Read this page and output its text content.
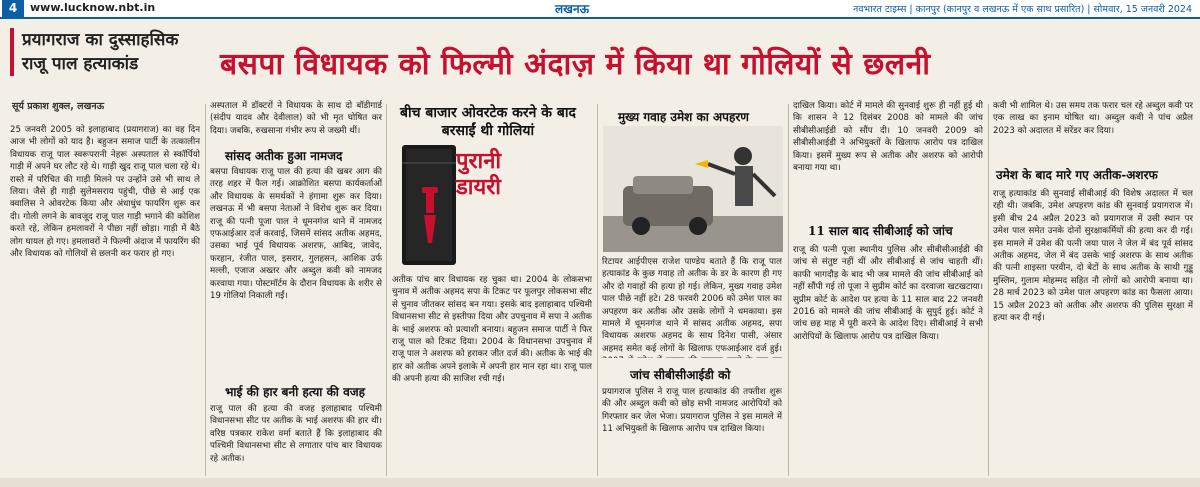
4	www.lucknow.nbt.in	लखनऊ	नवभारत टाइम्स | कानपुर (कानपुर व लखनऊ में एक साथ प्रसारित) | सोमवार, 15 जनवरी 2024
प्रयागराज का दुस्साहसिक
राजू पाल हत्याकांड	बसपा विधायक को फिल्मी अंदाज़ में किया था गोलियों से छलनी
सूर्य प्रकाश शुक्ल, लखनऊ

25 जनवरी 2005 को इलाहाबाद (प्रयागराज) का वह दिन आज भी लोगों को याद है। बहुजन समाज पार्टी के तत्कालीन विधायक राजू पाल स्वरूपरानी नेहरू अस्पताल से स्कॉर्पियो गाड़ी में अपने घर लौट रहे थे। गाड़ी खुद राजू पाल चला रहे थे। रास्ते में परिचित की गाड़ी मिलने पर उन्होंने उसे भी साथ ले लिया। जैसे ही गाड़ी सुलेमसराय पहुंची, पीछे से आई एक क्वालिस ने ओवरटेक किया और अंधाधुंध फायरिंग शुरू कर दी। गोली लगने के बावजूद राजू पाल गाड़ी भगाने की कोशिश करते रहे, लेकिन हमलावरों ने पीछा नहीं छोड़ा। गाड़ी में बैठे लोग घायल हो गए। हमलावरों ने फिल्मी अंदाज में फायरिंग की और विधायक को गोलियों से छलनी कर फरार हो गए।

अस्पताल में डॉक्टरों ने विधायक के साथ दो बॉडीगार्ड (संदीप यादव और देवीलाल) को भी मृत घोषित कर दिया। जबकि, रुखसाना गंभीर रूप से जख्मी थीं।

सांसद अतीक हुआ नामजद

बसपा विधायक राजू पाल की हत्या की खबर आग की तरह शहर में फैल गई। आक्रोशित बसपा कार्यकर्ताओं और विधायक के समर्थकों ने हंगामा शुरू कर दिया। लखनऊ में भी बसपा नेताओं ने विरोध शुरू कर दिया। राजू की पत्नी पूजा पाल ने धूमनगंज थाने में नामजद एफआईआर दर्ज करवाई, जिसमें सांसद अतीक अहमद, उसका भाई पूर्व विधायक अशरफ, आबिद, जावेद, फरहान, रंजीत पाल, इसरार, गुलहसन, आशिक उर्फ मल्ली, एजाज अख्तर और अब्दुल कवी को नामजद करवाया गया। पोस्टमॉर्टम के दौरान विधायक के शरीर से 19 गोलियां निकाली गईं।

भाई की हार बनी हत्या की वजह

राजू पाल की हत्या की वजह इलाहाबाद पश्चिमी विधानसभा सीट पर अतीक के भाई अशरफ की हार थी। वरिष्ठ पत्रकार राकेश वर्मा बताते हैं कि इलाहाबाद की पश्चिमी विधानसभा सीट से लगातार पांच बार विधायक रहे अतीक।

बीच बाजार ओवरटेक करने के बाद बरसाईं थी गोलियां
पुरानी
डायरी

अतीक पांच बार विधायक रह चुका था। 2004 के लोकसभा चुनाव में अतीक अहमद सपा के टिकट पर फूलपुर लोकसभा सीट से चुनाव जीतकर सांसद बन गया। इसके बाद इलाहाबाद पश्चिमी विधानसभा सीट से इस्तीफा दिया और उपचुनाव में सपा ने अतीक के भाई अशरफ को प्रत्याशी बनाया। बहुजन समाज पार्टी ने फिर राजू पाल को टिकट दिया। 2004 के विधानसभा उपचुनाव में राजू पाल ने अशरफ को हराकर जीत दर्ज की। अतीक के भाई की हार को अतीक अपने इलाके में अपनी हार मान रहा था। राजू पाल की अपनी हत्या की साजिश रची गई।

मुख्य गवाह उमेश का अपहरण

रिटायर आईपीएस राजेश पाण्डेय बताते हैं कि राजू पाल हत्याकांड के कुछ गवाह तो अतीक के डर के कारण ही गए और दो गवाहों की हत्या हो गई। लेकिन, मुख्य गवाह उमेश पाल पीछे नहीं हटे। 28 फरवरी 2006 को उमेश पाल का अपहरण कर अतीक और उसके लोगों ने धमकाया। इस मामले में धूमनगंज थाने में सांसद अतीक अहमद, सपा विधायक अशरफ अहमद के साथ दिनेश पासी, अंसार अहमद समेत कई लोगों के खिलाफ एफआईआर दर्ज हुई।

जांच सीबीसीआईडी को

प्रयागराज पुलिस ने राजू पाल हत्याकांड की तफ्तीश शुरू की और अब्दुल कवी को छोड़ सभी नामजद आरोपियों को गिरफ्तार कर जेल भेजा। प्रयागराज पुलिस ने इस मामले में 11 अभियुक्तों के खिलाफ आरोप पत्र दाखिल किया।

दाखिल किया। कोर्ट में मामले की सुनवाई शुरू ही नहीं हुई थी कि शासन ने 12 दिसंबर 2008 को मामले की जांच सीबीसीआईडी को सौंप दी। 10 जनवरी 2009 को सीबीसीआईडी ने अभियुक्तों के खिलाफ आरोप पत्र दाखिल किया। इसमें मुख्य रूप से अतीक और अशरफ को आरोपी बनाया गया था।

11 साल बाद सीबीआई को जांच

राजू की पत्नी पूजा स्थानीय पुलिस और सीबीसीआईडी की जांच से संतुष्ट नहीं थीं और सीबीआई से जांच चाहती थीं। काफी भागदौड़ के बाद भी जब मामले की जांच सीबीआई को नहीं सौंपी गई तो पूजा ने सुप्रीम कोर्ट का दरवाजा खटखटाया। सुप्रीम कोर्ट के आदेश पर हत्या के 11 साल बाद 22 जनवरी 2016 को मामले की जांच सीबीआई के सुपुर्द हुई। कोर्ट ने जांच छह माह में पूरी करने के आदेश दिए। सीबीआई ने सभी आरोपियों के खिलाफ आरोप पत्र दाखिल किया।

कवी भी शामिल थे। उस समय तक फरार चल रहे अब्दुल कवी पर एक लाख का इनाम घोषित था। अब्दुल कवी ने पांच अप्रैल 2023 को अदालत में सरेंडर कर दिया।

उमेश के बाद मारे गए अतीक-अशरफ

राजू हत्याकांड की सुनवाई सीबीआई की विशेष अदालत में चल रही थी। जबकि, उमेश अपहरण कांड की सुनवाई प्रयागराज में। इसी बीच 24 अप्रैल 2023 को प्रयागराज में उसी स्थान पर उमेश पाल समेत उनके दोनों सुरक्षाकर्मियों की हत्या कर दी गई। इस मामले में उमेश की पत्नी जया पाल ने जेल में बंद पूर्व सांसद अतीक अहमद, जेल में बंद उसके भाई अशरफ के साथ अतीक की पत्नी शाइस्ता परवीन, दो बेटों के साथ अतीक के साथी गुड्डू मुस्लिम, गुलाम मोहम्मद सहित नौ लोगों को आरोपी बनाया था। 28 मार्च 2023 को उमेश पाल अपहरण कांड का फैसला आया। 15 अप्रैल 2023 को अतीक और अशरफ की पुलिस सुरक्षा में हत्या कर दी गई।
